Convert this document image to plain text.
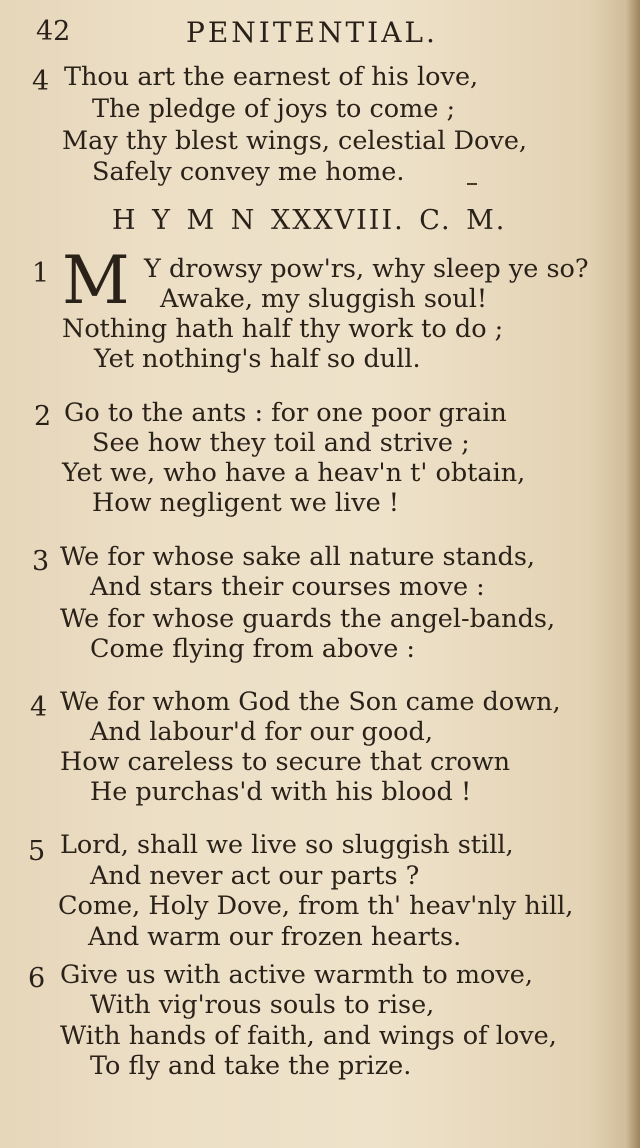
42	PENITENTIAL.
4 Thou art the earnest of his love,
The pledge of joys to come ;
May thy blest wings, celestial Dove,
Safely convey me home.
H Y M N XXXVIII. C. M.
1 M Y drowsy pow'rs, why sleep ye so?
Awake, my sluggish soul!
Nothing hath half thy work to do ;
Yet nothing's half so dull.
2 Go to the ants : for one poor grain
See how they toil and strive ;
Yet we, who have a heav'n t' obtain,
How negligent we live !
3 We for whose sake all nature stands,
And stars their courses move :
We for whose guards the angel-bands,
Come flying from above :
4 We for whom God the Son came down,
And labour'd for our good,
How careless to secure that crown
He purchas'd with his blood !
5 Lord, shall we live so sluggish still,
And never act our parts ?
Come, Holy Dove, from th' heav'nly hill,
And warm our frozen hearts.
6 Give us with active warmth to move,
With vig'rous souls to rise,
With hands of faith, and wings of love,
To fly and take the prize.
